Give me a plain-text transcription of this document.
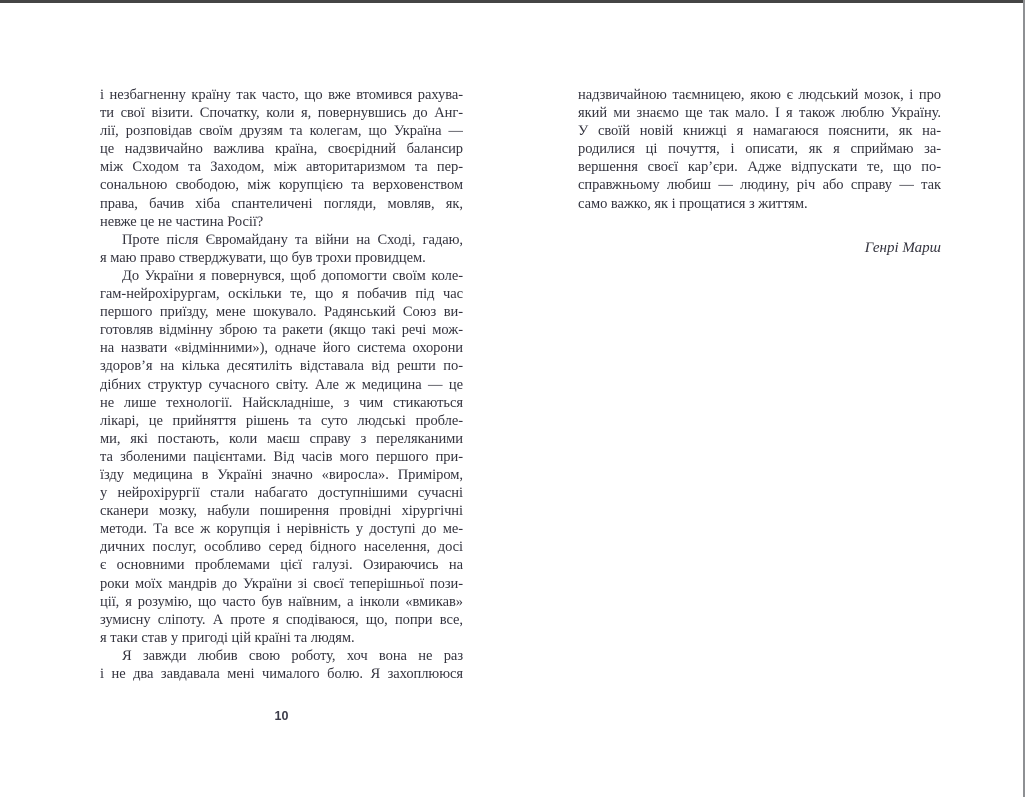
і незбагненну країну так часто, що вже втомився рахува-
ти свої візити. Спочатку, коли я, повернувшись до Анг-
лії, розповідав своїм друзям та колегам, що Україна —
це надзвичайно важлива країна, своєрідний балансир
між Сходом та Заходом, між авторитаризмом та пер-
сональною свободою, між корупцією та верховенством
права, бачив хіба спантеличені погляди, мовляв, як,
невже це не частина Росії?
Проте після Євромайдану та війни на Сході, гадаю,
я маю право стверджувати, що був трохи провидцем.
До України я повернувся, щоб допомогти своїм коле-
гам-нейрохірургам, оскільки те, що я побачив під час
першого приїзду, мене шокувало. Радянський Союз ви-
готовляв відмінну зброю та ракети (якщо такі речі мож-
на назвати «відмінними»), одначе його система охорони
здоров’я на кілька десятиліть відставала від решти по-
дібних структур сучасного світу. Але ж медицина — це
не лише технології. Найскладніше, з чим стикаються
лікарі, це прийняття рішень та суто людські пробле-
ми, які постають, коли маєш справу з переляканими
та зболеними пацієнтами. Від часів мого першого при-
їзду медицина в Україні значно «виросла». Приміром,
у нейрохірургії стали набагато доступнішими сучасні
сканери мозку, набули поширення провідні хірургічні
методи. Та все ж корупція і нерівність у доступі до ме-
дичних послуг, особливо серед бідного населення, досі
є основними проблемами цієї галузі. Озираючись на
роки моїх мандрів до України зі своєї теперішньої пози-
ції, я розумію, що часто був наївним, а інколи «вмикав»
зумисну сліпоту. А проте я сподіваюся, що, попри все,
я таки став у пригоді цій країні та людям.
Я завжди любив свою роботу, хоч вона не раз
і не два завдавала мені чималого болю. Я захоплююся
10
надзвичайною таємницею, якою є людський мозок, і про
який ми знаємо ще так мало. І я також люблю Україну.
У своїй новій книжці я намагаюся пояснити, як на-
родилися ці почуття, і описати, як я сприймаю за-
вершення своєї кар’єри. Адже відпускати те, що по-
справжньому любиш — людину, річ або справу — так
само важко, як і прощатися з життям.
Генрі Марш
